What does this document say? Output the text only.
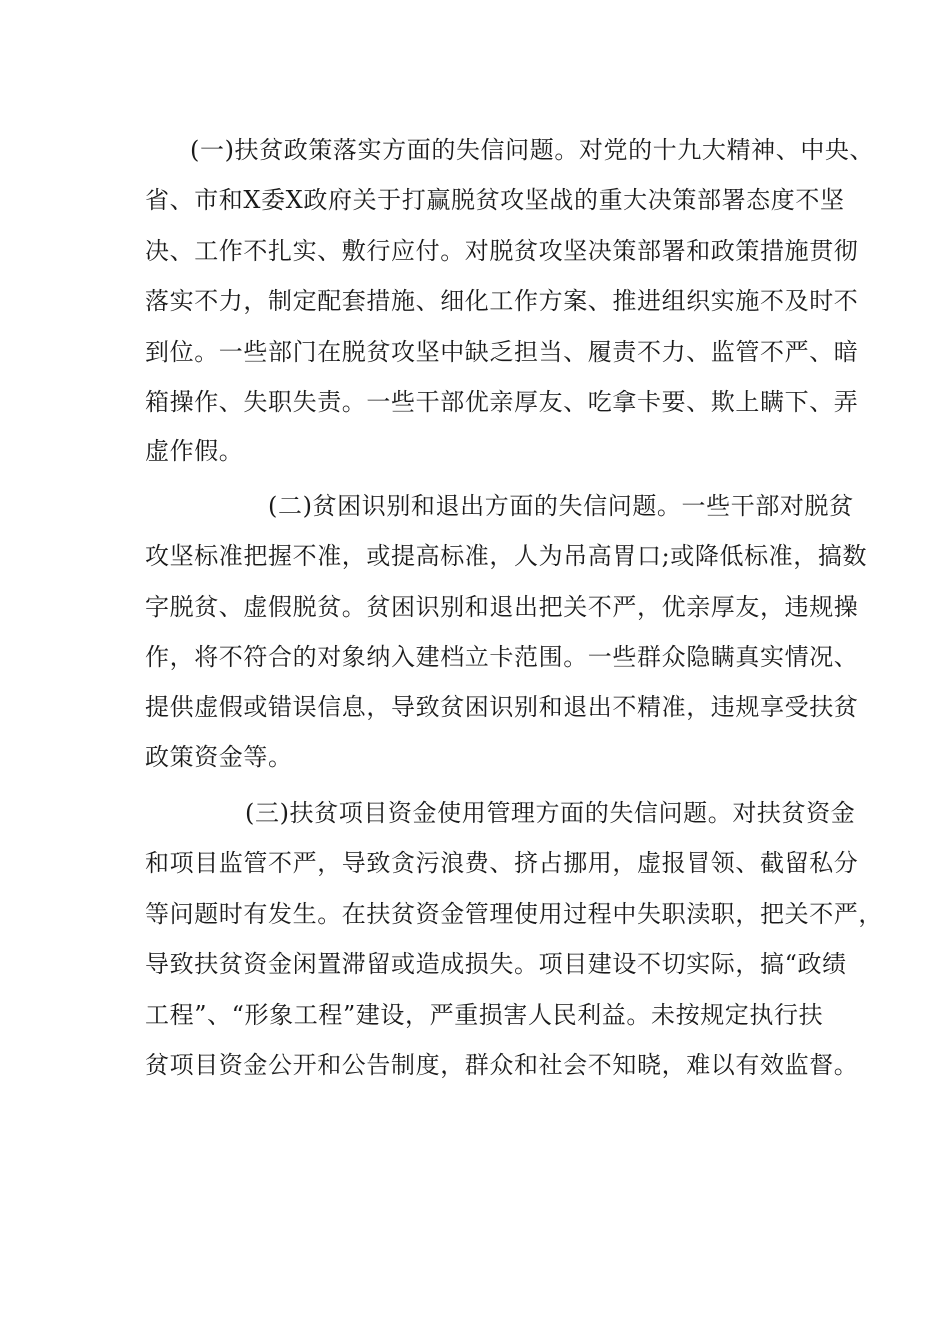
(一)扶贫政策落实方面的失信问题。对党的十九大精神、中央、
省、市和X委X政府关于打赢脱贫攻坚战的重大决策部署态度不坚
决、工作不扎实、敷行应付。对脱贫攻坚决策部署和政策措施贯彻
落实不力，制定配套措施、细化工作方案、推进组织实施不及时不
到位。一些部门在脱贫攻坚中缺乏担当、履责不力、监管不严、暗
箱操作、失职失责。一些干部优亲厚友、吃拿卡要、欺上瞒下、弄
虚作假。
(二)贫困识别和退出方面的失信问题。一些干部对脱贫
攻坚标准把握不准，或提高标准，人为吊高胃口;或降低标准，搞数
字脱贫、虚假脱贫。贫困识别和退出把关不严，优亲厚友，违规操
作，将不符合的对象纳入建档立卡范围。一些群众隐瞒真实情况、
提供虚假或错误信息，导致贫困识别和退出不精准，违规享受扶贫
政策资金等。
(三)扶贫项目资金使用管理方面的失信问题。对扶贫资金
和项目监管不严，导致贪污浪费、挤占挪用，虚报冒领、截留私分
等问题时有发生。在扶贫资金管理使用过程中失职渎职，把关不严，
导致扶贫资金闲置滞留或造成损失。项目建设不切实际，搞“政绩
工程”、“形象工程”建设，严重损害人民利益。未按规定执行扶
贫项目资金公开和公告制度，群众和社会不知晓，难以有效监督。
